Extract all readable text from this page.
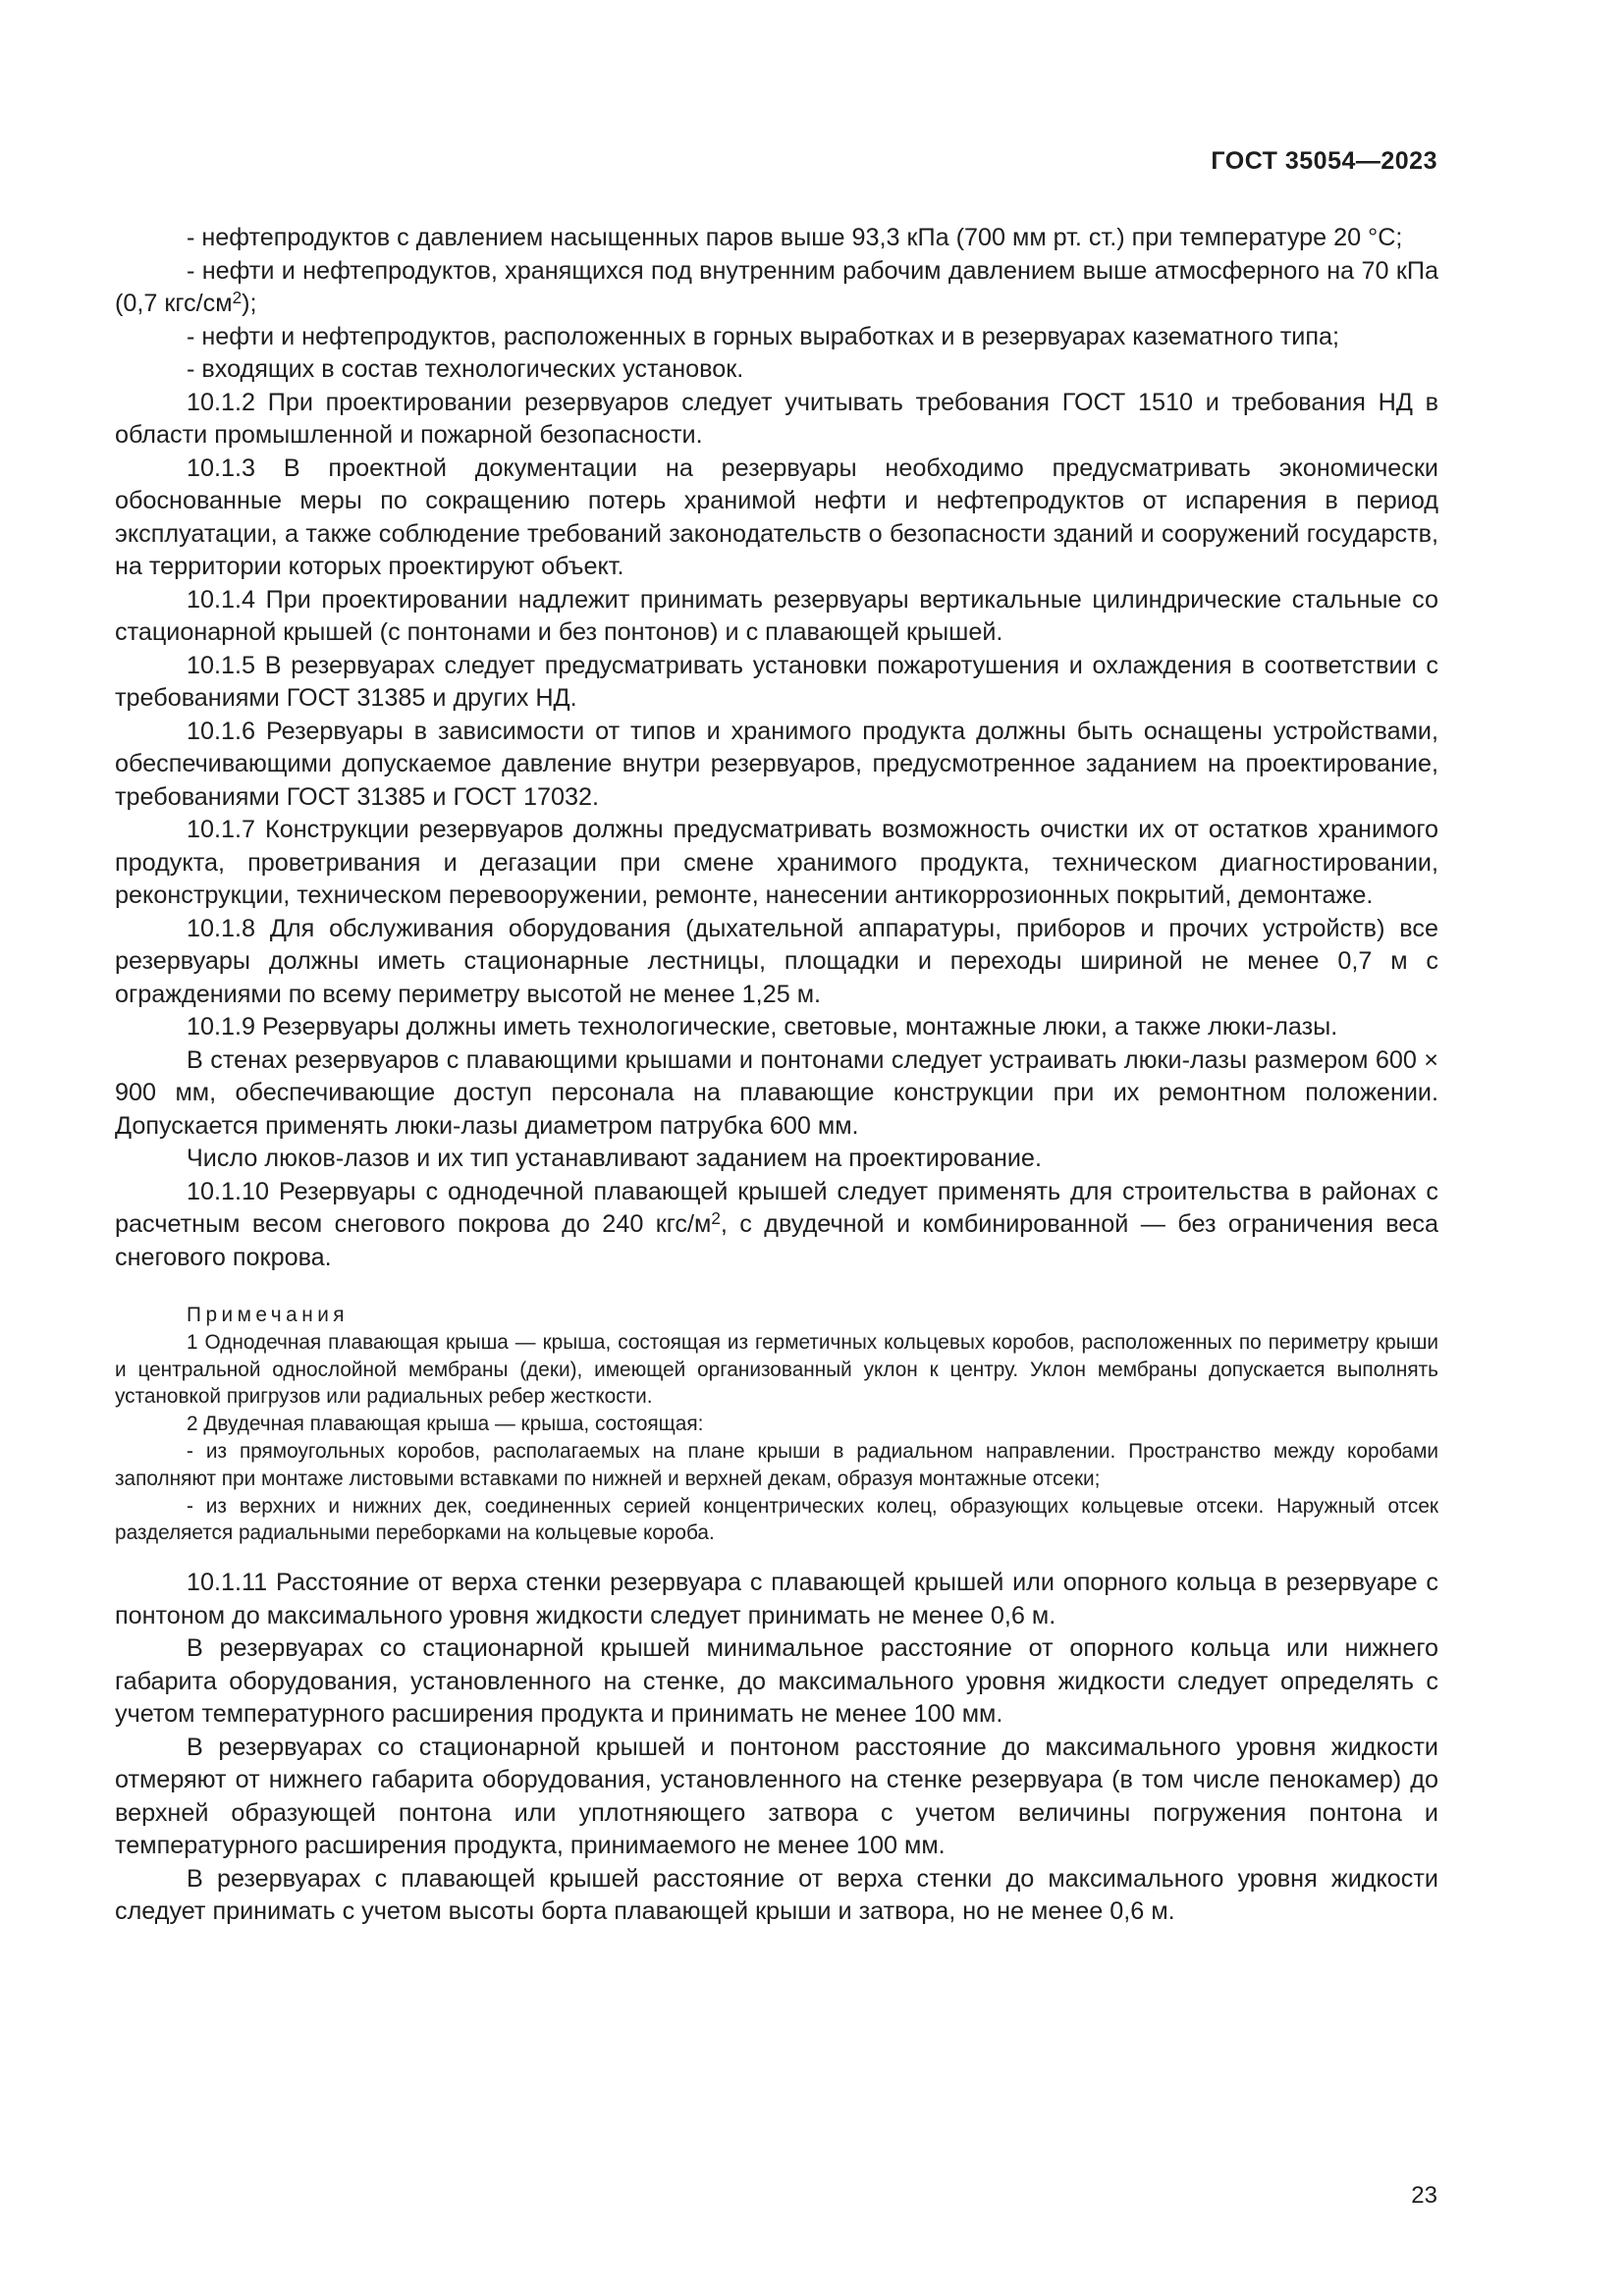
ГОСТ 35054—2023

- нефтепродуктов с давлением насыщенных паров выше 93,3 кПа (700 мм рт. ст.) при температуре 20 °С;

- нефти и нефтепродуктов, хранящихся под внутренним рабочим давлением выше атмосферного на 70 кПа (0,7 кгс/$см^2$);

- нефти и нефтепродуктов, расположенных в горных выработках и в резервуарах казематного типа;

- входящих в состав технологических установок.

10.1.2 При проектировании резервуаров следует учитывать требования ГОСТ 1510 и требования НД в области промышленной и пожарной безопасности.

10.1.3 В проектной документации на резервуары необходимо предусматривать экономически обоснованные меры по сокращению потерь хранимой нефти и нефтепродуктов от испарения в период эксплуатации, а также соблюдение требований законодательств о безопасности зданий и сооружений государств, на территории которых проектируют объект.

10.1.4 При проектировании надлежит принимать резервуары вертикальные цилиндрические стальные со стационарной крышей (с понтонами и без понтонов) и с плавающей крышей.

10.1.5 В резервуарах следует предусматривать установки пожаротушения и охлаждения в соответствии с требованиями ГОСТ 31385 и других НД.

10.1.6 Резервуары в зависимости от типов и хранимого продукта должны быть оснащены устройствами, обеспечивающими допускаемое давление внутри резервуаров, предусмотренное заданием на проектирование, требованиями ГОСТ 31385 и ГОСТ 17032.

10.1.7 Конструкции резервуаров должны предусматривать возможность очистки их от остатков хранимого продукта, проветривания и дегазации при смене хранимого продукта, техническом диагностировании, реконструкции, техническом перевооружении, ремонте, нанесении антикоррозионных покрытий, демонтаже.

10.1.8 Для обслуживания оборудования (дыхательной аппаратуры, приборов и прочих устройств) все резервуары должны иметь стационарные лестницы, площадки и переходы шириной не менее 0,7 м с ограждениями по всему периметру высотой не менее 1,25 м.

10.1.9 Резервуары должны иметь технологические, световые, монтажные люки, а также люки-лазы.

В стенах резервуаров с плавающими крышами и понтонами следует устраивать люки-лазы размером 600 × 900 мм, обеспечивающие доступ персонала на плавающие конструкции при их ремонтном положении. Допускается применять люки-лазы диаметром патрубка 600 мм.

Число люков-лазов и их тип устанавливают заданием на проектирование.

10.1.10 Резервуары с однодечной плавающей крышей следует применять для строительства в районах с расчетным весом снегового покрова до 240 кгс/$м^2$, с двудечной и комбинированной — без ограничения веса снегового покрова.

Примечания

1 Однодечная плавающая крыша — крыша, состоящая из герметичных кольцевых коробов, расположенных по периметру крыши и центральной однослойной мембраны (деки), имеющей организованный уклон к центру. Уклон мембраны допускается выполнять установкой пригрузов или радиальных ребер жесткости.

2 Двудечная плавающая крыша — крыша, состоящая:

- из прямоугольных коробов, располагаемых на плане крыши в радиальном направлении. Пространство между коробами заполняют при монтаже листовыми вставками по нижней и верхней декам, образуя монтажные отсеки;

- из верхних и нижних дек, соединенных серией концентрических колец, образующих кольцевые отсеки. Наружный отсек разделяется радиальными переборками на кольцевые короба.

10.1.11 Расстояние от верха стенки резервуара с плавающей крышей или опорного кольца в резервуаре с понтоном до максимального уровня жидкости следует принимать не менее 0,6 м.

В резервуарах со стационарной крышей минимальное расстояние от опорного кольца или нижнего габарита оборудования, установленного на стенке, до максимального уровня жидкости следует определять с учетом температурного расширения продукта и принимать не менее 100 мм.

В резервуарах со стационарной крышей и понтоном расстояние до максимального уровня жидкости отмеряют от нижнего габарита оборудования, установленного на стенке резервуара (в том числе пенокамер) до верхней образующей понтона или уплотняющего затвора с учетом величины погружения понтона и температурного расширения продукта, принимаемого не менее 100 мм.

В резервуарах с плавающей крышей расстояние от верха стенки до максимального уровня жидкости следует принимать с учетом высоты борта плавающей крыши и затвора, но не менее 0,6 м.

23
